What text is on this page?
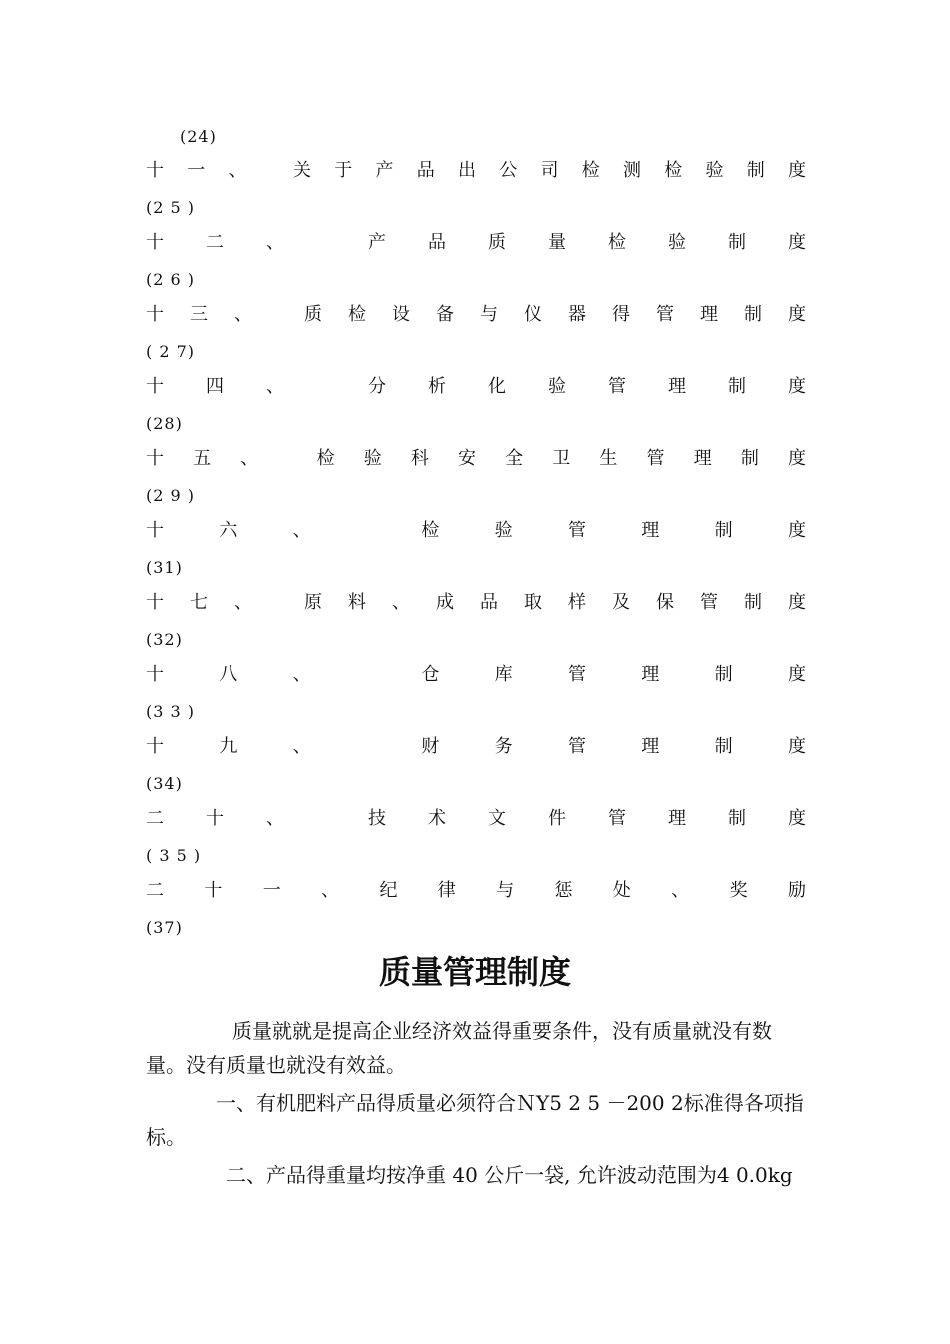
(24)
十 一 、	关 于 产 品 出 公 司 检 测 检 验 制 度
(2 5 )
十 二 、	产 品 质 量 检 验 制 度
(2 6 )
十 三 、	质 检 设 备 与 仪 器 得 管 理 制 度
( 2 7)
十 四 、	分 析 化 验 管 理 制 度
(28)
十 五 、	检 验 科 安 全 卫 生 管 理 制 度
(2 9 )
十	六	、	检	验	管	理	制	度
(31)
十 七 、	原 料 、 成 品 取 样 及 保 管 制 度
(32)
十	八	、	仓	库	管	理	制	度
(3 3 )
十	九	、	财	务	管	理	制	度
(34)
二 十 、	技 术 文 件 管 理 制 度
( 3 5 )
二 十 一 、 纪 律 与 惩 处 、 奖 励
(37)
质量管理制度
质量就就是提高企业经济效益得重要条件，没有质量就没有数量。没有质量也就没有效益。
一、有机肥料产品得质量必须符合ＮY5 2 5 －200 2标准得各项指标。
二、产品得重量均按净重 40 公斤一袋, 允许波动范围为4 0.0kg
